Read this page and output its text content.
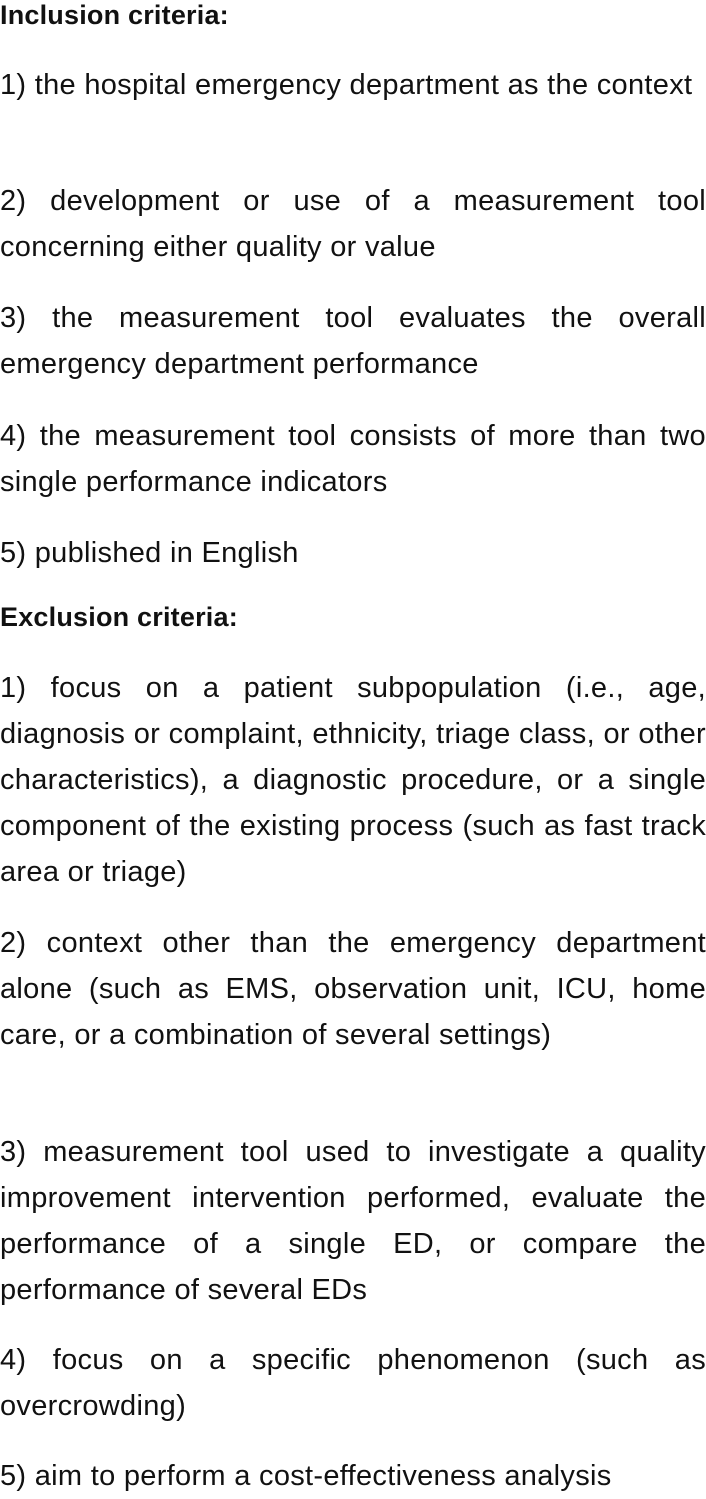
Inclusion criteria:
1) the hospital emergency department as the context
2) development or use of a measurement tool concerning either quality or value
3) the measurement tool evaluates the overall emergency department performance
4) the measurement tool consists of more than two single performance indicators
5) published in English
Exclusion criteria:
1) focus on a patient subpopulation (i.e., age, diagnosis or complaint, ethnicity, triage class, or other characteristics), a diagnostic procedure, or a single component of the existing process (such as fast track area or triage)
2) context other than the emergency department alone (such as EMS, observation unit, ICU, home care, or a combination of several settings)
3) measurement tool used to investigate a quality improvement intervention performed, evaluate the performance of a single ED, or compare the performance of several EDs
4) focus on a specific phenomenon (such as overcrowding)
5) aim to perform a cost-effectiveness analysis
